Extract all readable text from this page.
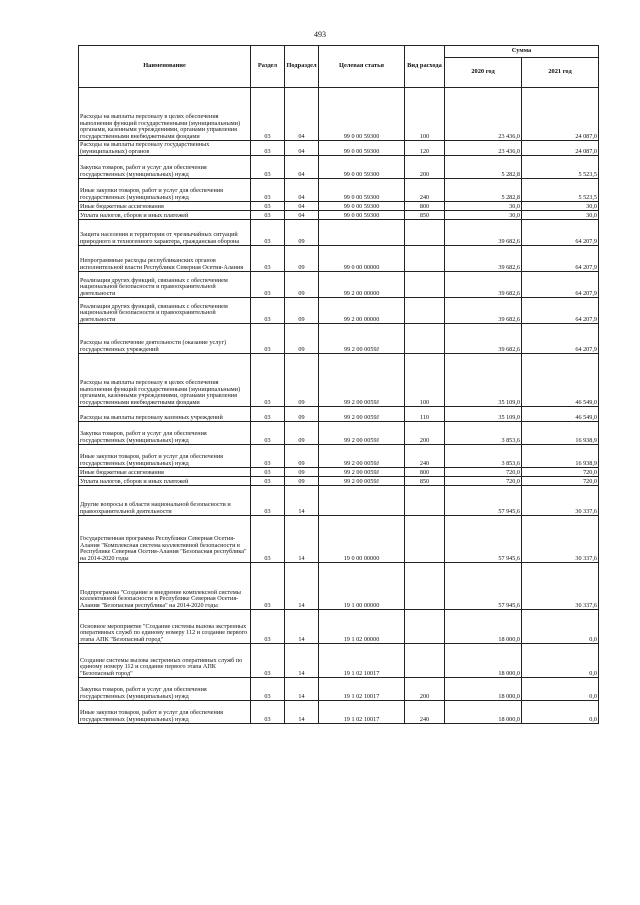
493
Наименование	Раздел	Подраздел	Целевая статья	Вид расхода	Сумма	
					2020 год	2021 год
Расходы на выплаты персоналу в целях обеспечения выполнения функций государственными (муниципальными) органами, казенными учреждениями, органами управления государственными внебюджетными фондами	03	04	99 0 00 59300	100	23 436,0	24 087,0
Расходы на выплаты персоналу государственных (муниципальных) органов	03	04	99 0 00 59300	120	23 436,0	24 087,0
Закупка товаров, работ и услуг для обеспечения государственных (муниципальных) нужд	03	04	99 0 00 59300	200	5 282,8	5 523,5
Иные закупки товаров, работ и услуг для обеспечения государственных (муниципальных) нужд	03	04	99 0 00 59300	240	5 282,8	5 523,5
Иные бюджетные ассигнования	03	04	99 0 00 59300	800	30,0	30,0
Уплата налогов, сборов и иных платежей	03	04	99 0 00 59300	850	30,0	30,0
Защита населения и территории от чрезвычайных ситуаций природного и техногенного характера, гражданская оборона	03	09			39 682,6	64 207,9
Непрограммные расходы республиканских органов исполнительной власти Республики Северная Осетия-Алания	03	09	99 0 00 00000		39 682,6	64 207,9
Реализация других функций, связанных с обеспечением национальной безопасности и правоохранительной деятельности	03	09	99 2 00 00000		39 682,6	64 207,9
Реализация других функций, связанных с обеспечением национальной безопасности и правоохранительной деятельности	03	09	99 2 00 00000		39 682,6	64 207,9
Расходы на обеспечение деятельности (оказание услуг) государственных учреждений	03	09	99 2 00 0059J		39 682,6	64 207,9
Расходы на выплаты персоналу в целях обеспечения выполнения функций государственными (муниципальными) органами, казенными учреждениями, органами управления государственными внебюджетными фондами	03	09	99 2 00 0059J	100	35 109,0	46 549,0
Расходы на выплаты персоналу казенных учреждений	03	09	99 2 00 0059J	110	35 109,0	46 549,0
Закупка товаров, работ и услуг для обеспечения государственных (муниципальных) нужд	03	09	99 2 00 0059J	200	3 853,6	16 938,9
Иные закупки товаров, работ и услуг для обеспечения государственных (муниципальных) нужд	03	09	99 2 00 0059J	240	3 853,6	16 938,9
Иные бюджетные ассигнования	03	09	99 2 00 0059J	800	720,0	720,0
Уплата налогов, сборов и иных платежей	03	09	99 2 00 0059J	850	720,0	720,0
Другие вопросы в области национальной безопасности и правоохранительной деятельности	03	14			57 945,6	30 337,6
Государственная программа Республики Северная Осетия-Алания "Комплексная система коллективной безопасности в Республике Северная Осетия-Алания "Безопасная республика" на 2014-2020 годы	03	14	19 0 00 00000		57 945,6	30 337,6
Подпрограмма "Создание и внедрение комплексной системы коллективной безопасности в Республике Северная Осетия-Алания "Безопасная республика" на 2014-2020 годы	03	14	19 1 00 00000		57 945,6	30 337,6
Основное мероприятие "Создание системы вызова экстренных оперативных служб по единому номеру 112 и создание первого этапа АПК "Безопасный город"	03	14	19 1 02 00000		18 000,0	0,0
Создание системы вызова экстренных оперативных служб по единому номеру 112 и создание первого этапа АПК "Безопасный город"	03	14	19 1 02 10017		18 000,0	0,0
Закупка товаров, работ и услуг для обеспечения государственных (муниципальных) нужд	03	14	19 1 02 10017	200	18 000,0	0,0
Иные закупки товаров, работ и услуг для обеспечения государственных (муниципальных) нужд	03	14	19 1 02 10017	240	18 000,0	0,0
